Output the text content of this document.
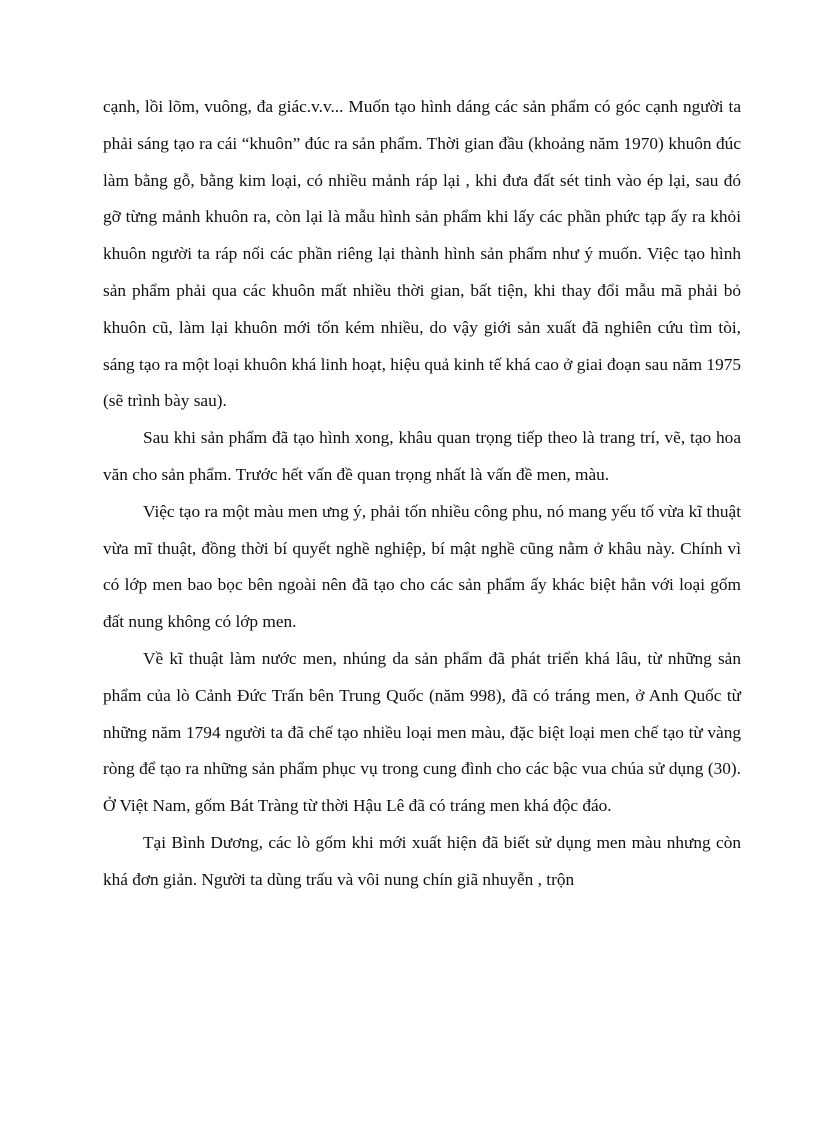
cạnh, lồi lõm, vuông, đa giác.v.v... Muốn tạo hình dáng các sản phẩm có góc cạnh người ta phải sáng tạo ra cái “khuôn” đúc ra sản phẩm. Thời gian đầu (khoảng năm 1970) khuôn đúc làm bằng gỗ, bằng kim loại, có nhiều mảnh ráp lại , khi đưa đất sét tinh vào ép lại, sau đó gỡ từng mảnh khuôn ra, còn lại là mẫu hình sản phẩm khi lấy các phần phức tạp ấy ra khỏi khuôn người ta ráp nối các phần riêng lại thành hình sản phẩm như ý muốn. Việc tạo hình sản phẩm phải qua các khuôn mất nhiều thời gian, bất tiện, khi thay đổi mẫu mã phải bỏ khuôn cũ, làm lại khuôn mới tốn kém nhiều, do vậy giới sản xuất đã nghiên cứu tìm tòi, sáng tạo ra một loại khuôn khá linh hoạt, hiệu quả kinh tế khá cao ở giai đoạn sau năm 1975 (sẽ trình bày sau).

Sau khi sản phẩm đã tạo hình xong, khâu quan trọng tiếp theo là trang trí, vẽ, tạo hoa văn cho sản phẩm. Trước hết vấn đề quan trọng nhất là vấn đề men, màu.

Việc tạo ra một màu men ưng ý, phải tốn nhiều công phu, nó mang yếu tố vừa kĩ thuật vừa mĩ thuật, đồng thời bí quyết nghề nghiệp, bí mật nghề cũng nằm ở khâu này. Chính vì có lớp men bao bọc bên ngoài nên đã tạo cho các sản phẩm ấy khác biệt hẳn với loại gốm đất nung không có lớp men.

Về kĩ thuật làm nước men, nhúng da sản phẩm đã phát triển khá lâu, từ những sản phẩm của lò Cảnh Đức Trấn bên Trung Quốc (năm 998), đã có tráng men, ở Anh Quốc từ những năm 1794 người ta đã chế tạo nhiều loại men màu, đặc biệt loại men chế tạo từ vàng ròng để tạo ra những sản phẩm phục vụ trong cung đình cho các bậc vua chúa sử dụng (30). Ở Việt Nam, gốm Bát Tràng từ thời Hậu Lê đã có tráng men khá độc đáo.

Tại Bình Dương, các lò gốm khi mới xuất hiện đã biết sử dụng men màu nhưng còn khá đơn giản. Người ta dùng trấu và vôi nung chín giã nhuyễn , trộn
